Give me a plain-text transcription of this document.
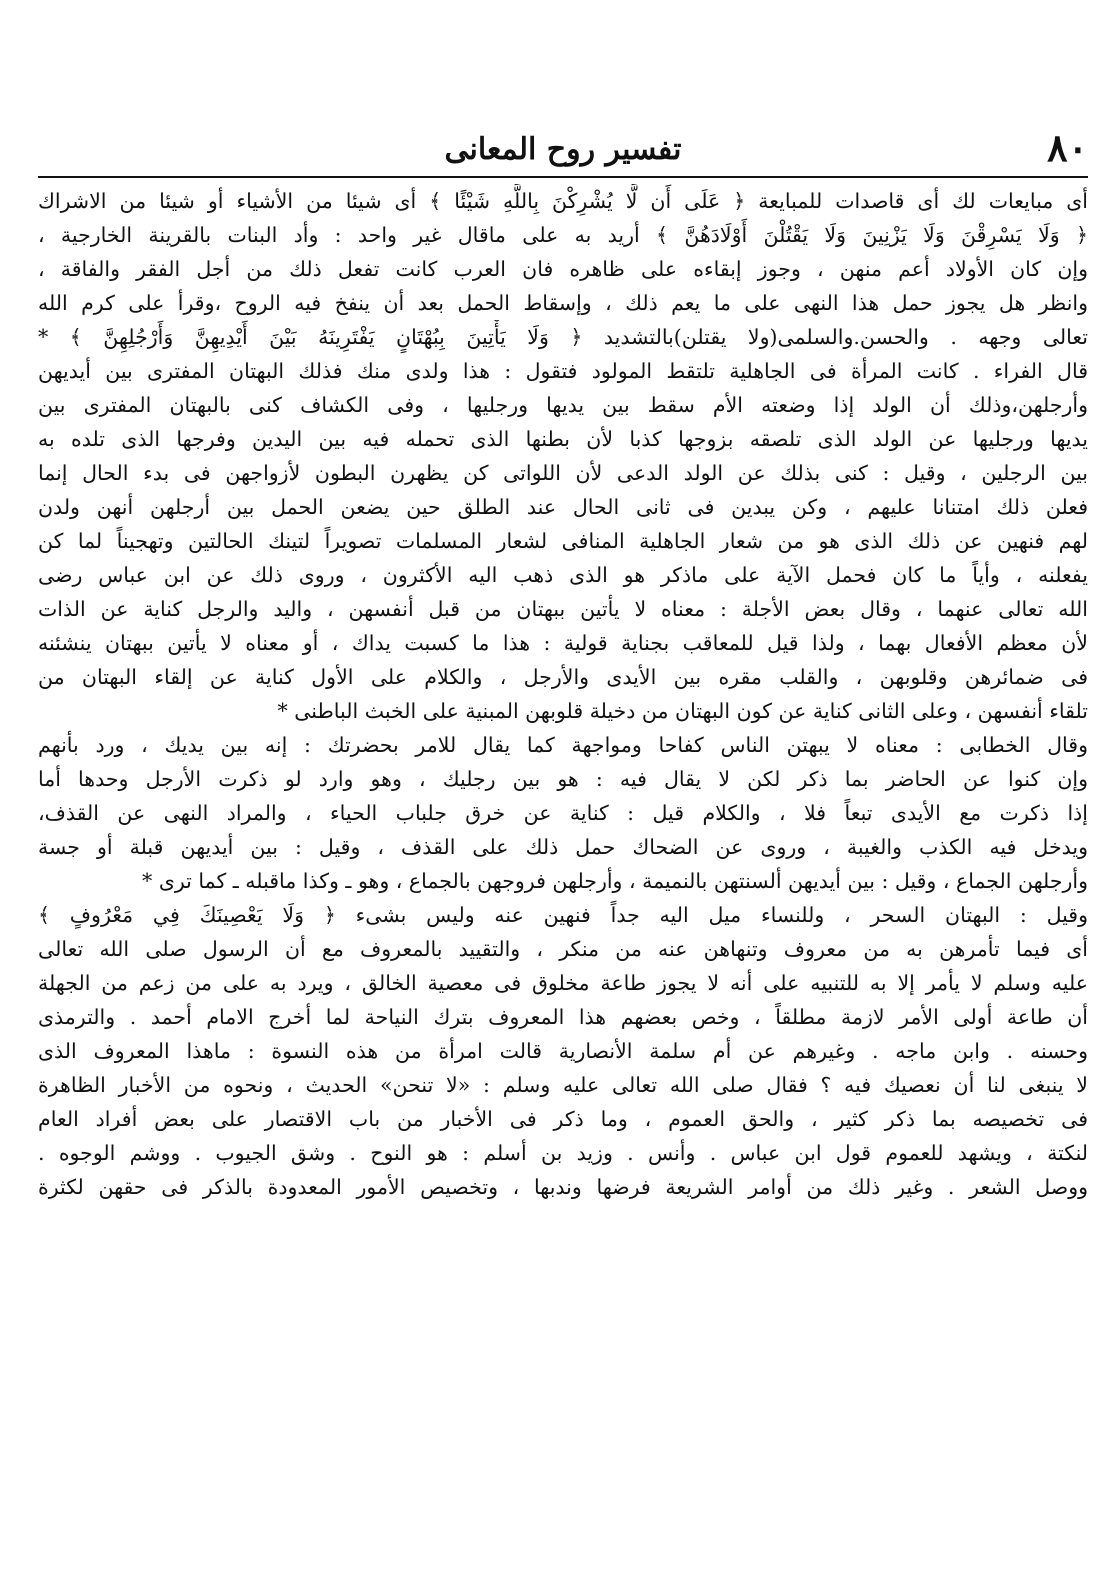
٨٠
تفسير روح المعانى
أى مبايعات لك أى قاصدات للمبايعة ﴿ عَلَى أَن لَّا يُشْرِكْنَ بِاللَّهِ شَيْئًا ﴾ أى شيئا من الأشياء أو شيئا من الاشراك
﴿ وَلَا يَسْرِقْنَ وَلَا يَزْنِينَ وَلَا يَقْتُلْنَ أَوْلَادَهُنَّ ﴾ أريد به على ماقال غير واحد : وأد البنات بالقرينة الخارجية ،
وإن كان الأولاد أعم منهن ، وجوز إبقاءه على ظاهره فان العرب كانت تفعل ذلك من أجل الفقر والفاقة ،
وانظر هل يجوز حمل هذا النهى على ما يعم ذلك ، وإسقاط الحمل بعد أن ينفخ فيه الروح ،وقرأ على كرم الله
تعالى وجهه . والحسن.والسلمى(ولا يقتلن)بالتشديد ﴿ وَلَا يَأْتِينَ بِبُهْتَانٍ يَفْتَرِينَهُ بَيْنَ أَيْدِيهِنَّ وَأَرْجُلِهِنَّ ﴾ *
قال الفراء . كانت المرأة فى الجاهلية تلتقط المولود فتقول : هذا ولدى منك فذلك البهتان المفترى بين أيديهن
وأرجلهن،وذلك أن الولد إذا وضعته الأم سقط بين يديها ورجليها ، وفى الكشاف كنى بالبهتان المفترى بين
يديها ورجليها عن الولد الذى تلصقه بزوجها كذبا لأن بطنها الذى تحمله فيه بين اليدين وفرجها الذى تلده به
بين الرجلين ، وقيل : كنى بذلك عن الولد الدعى لأن اللواتى كن يظهرن البطون لأزواجهن فى بدء الحال إنما
فعلن ذلك امتنانا عليهم ، وكن يبدين فى ثانى الحال عند الطلق حين يضعن الحمل بين أرجلهن أنهن ولدن
لهم فنهين عن ذلك الذى هو من شعار الجاهلية المنافى لشعار المسلمات تصويراً لتينك الحالتين وتهجيناً لما كن
يفعلنه ، وأياً ما كان فحمل الآية على ماذكر هو الذى ذهب اليه الأكثرون ، وروى ذلك عن ابن عباس رضى
الله تعالى عنهما ، وقال بعض الأجلة : معناه لا يأتين ببهتان من قبل أنفسهن ، واليد والرجل كناية عن الذات
لأن معظم الأفعال بهما ، ولذا قيل للمعاقب بجناية قولية : هذا ما كسبت يداك ، أو معناه لا يأتين ببهتان ينشئنه
فى ضمائرهن وقلوبهن ، والقلب مقره بين الأيدى والأرجل ، والكلام على الأول كناية عن إلقاء البهتان من
تلقاء أنفسهن ، وعلى الثانى كناية عن كون البهتان من دخيلة قلوبهن المبنية على الخبث الباطنى *
وقال الخطابى : معناه لا يبهتن الناس كفاحا ومواجهة كما يقال للامر بحضرتك : إنه بين يديك ، ورد بأنهم
وإن كنوا عن الحاضر بما ذكر لكن لا يقال فيه : هو بين رجليك ، وهو وارد لو ذكرت الأرجل وحدها أما
إذا ذكرت مع الأيدى تبعاً فلا ، والكلام قيل : كناية عن خرق جلباب الحياء ، والمراد النهى عن القذف،
ويدخل فيه الكذب والغيبة ، وروى عن الضحاك حمل ذلك على القذف ، وقيل : بين أيديهن قبلة أو جسة
وأرجلهن الجماع ، وقيل : بين أيديهن ألسنتهن بالنميمة ، وأرجلهن فروجهن بالجماع ، وهو ـ وكذا ماقبله ـ كما ترى *
وقيل : البهتان السحر ، وللنساء ميل اليه جداً فنهين عنه وليس بشىء ﴿ وَلَا يَعْصِينَكَ فِي مَعْرُوفٍ ﴾
أى فيما تأمرهن به من معروف وتنهاهن عنه من منكر ، والتقييد بالمعروف مع أن الرسول صلى الله تعالى
عليه وسلم لا يأمر إلا به للتنبيه على أنه لا يجوز طاعة مخلوق فى معصية الخالق ، ويرد به على من زعم من الجهلة
أن طاعة أولى الأمر لازمة مطلقاً ، وخص بعضهم هذا المعروف بترك النياحة لما أخرج الامام أحمد . والترمذى
وحسنه . وابن ماجه . وغيرهم عن أم سلمة الأنصارية قالت امرأة من هذه النسوة : ماهذا المعروف الذى
لا ينبغى لنا أن نعصيك فيه ؟ فقال صلى الله تعالى عليه وسلم : «لا تنحن» الحديث ، ونحوه من الأخبار الظاهرة
فى تخصيصه بما ذكر كثير ، والحق العموم ، وما ذكر فى الأخبار من باب الاقتصار على بعض أفراد العام
لنكتة ، ويشهد للعموم قول ابن عباس . وأنس . وزيد بن أسلم : هو النوح . وشق الجيوب . ووشم الوجوه .
ووصل الشعر . وغير ذلك من أوامر الشريعة فرضها وندبها ، وتخصيص الأمور المعدودة بالذكر فى حقهن لكثرة
